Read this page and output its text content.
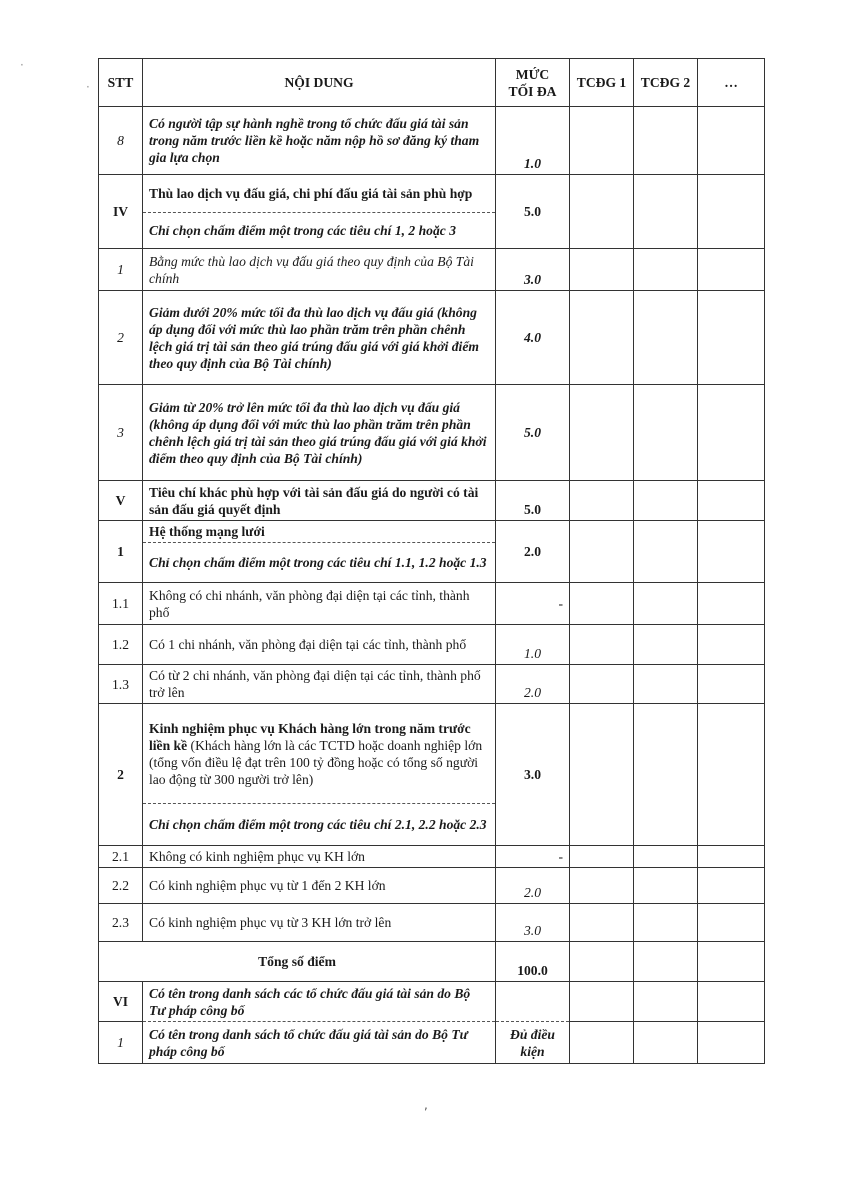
STT	NỘI DUNG	MỨC TỐI ĐA	TCĐG 1	TCĐG 2	…
8	Có người tập sự hành nghề trong tổ chức đấu giá tài sản trong năm trước liền kề hoặc năm nộp hồ sơ đăng ký tham gia lựa chọn	1.0			
IV	Thù lao dịch vụ đấu giá, chi phí đấu giá tài sản phù hợp	5.0			
	Chỉ chọn chấm điểm một trong các tiêu chí 1, 2 hoặc 3				
1	Bằng mức thù lao dịch vụ đấu giá theo quy định của Bộ Tài chính	3.0			
2	Giảm dưới 20% mức tối đa thù lao dịch vụ đấu giá (không áp dụng đối với mức thù lao phần trăm trên phần chênh lệch giá trị tài sản theo giá trúng đấu giá với giá khởi điểm theo quy định của Bộ Tài chính)	4.0			
3	Giảm từ 20% trở lên mức tối đa thù lao dịch vụ đấu giá (không áp dụng đối với mức thù lao phần trăm trên phần chênh lệch giá trị tài sản theo giá trúng đấu giá với giá khởi điểm theo quy định của Bộ Tài chính)	5.0			
V	Tiêu chí khác phù hợp với tài sản đấu giá do người có tài sản đấu giá quyết định	5.0			
1	Hệ thống mạng lưới	2.0			
	Chỉ chọn chấm điểm một trong các tiêu chí 1.1, 1.2 hoặc 1.3				
1.1	Không có chi nhánh, văn phòng đại diện tại các tỉnh, thành phố	-			
1.2	Có 1 chi nhánh, văn phòng đại diện tại các tỉnh, thành phố	1.0			
1.3	Có từ 2 chi nhánh, văn phòng đại diện tại các tỉnh, thành phố trở lên	2.0			
2	Kinh nghiệm phục vụ Khách hàng lớn trong năm trước liền kề (Khách hàng lớn là các TCTD hoặc doanh nghiệp lớn (tổng vốn điều lệ đạt trên 100 tỷ đồng hoặc có tổng số người lao động từ 300 người trở lên)	3.0			
	Chỉ chọn chấm điểm một trong các tiêu chí 2.1, 2.2 hoặc 2.3				
2.1	Không có kinh nghiệm phục vụ KH lớn	-			
2.2	Có kinh nghiệm phục vụ từ 1 đến 2 KH lớn	2.0			
2.3	Có kinh nghiệm phục vụ từ 3 KH lớn trở lên	3.0			
Tổng số điểm		100.0			
VI	Có tên trong danh sách các tổ chức đấu giá tài sản do Bộ Tư pháp công bố				
1	Có tên trong danh sách tổ chức đấu giá tài sản do Bộ Tư pháp công bố	Đủ điều kiện			
·
·
,
